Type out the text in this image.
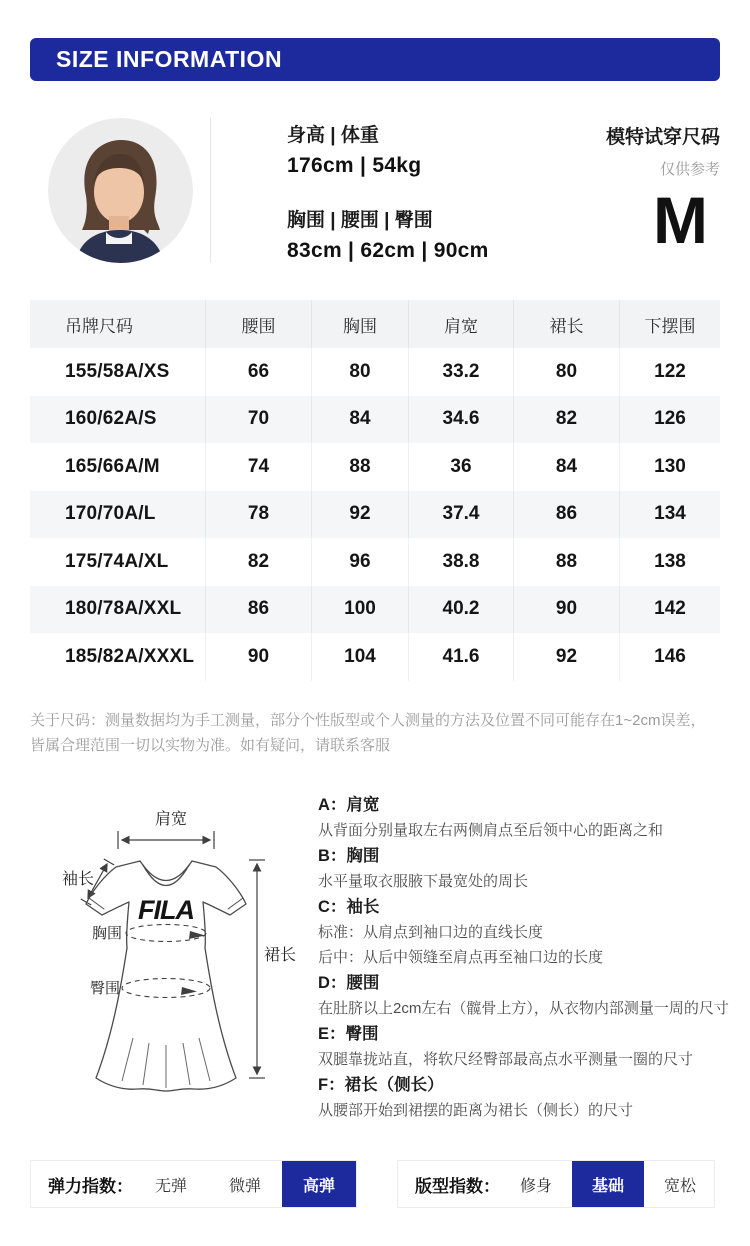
SIZE INFORMATION
身高 | 体重
176cm | 54kg
胸围 | 腰围 | 臀围
83cm | 62cm | 90cm
模特试穿尺码
仅供参考
M
吊牌尺码	腰围	胸围	肩宽	裙长	下摆围
155/58A/XS	66	80	33.2	80	122
160/62A/S	70	84	34.6	82	126
165/66A/M	74	88	36	84	130
170/70A/L	78	92	37.4	86	134
175/74A/XL	82	96	38.8	88	138
180/78A/XXL	86	100	40.2	90	142
185/82A/XXXL	90	104	41.6	92	146
关于尺码：测量数据均为手工测量，部分个性版型或个人测量的方法及位置不同可能存在1~2cm误差，皆属合理范围一切以实物为准。如有疑问，请联系客服
肩宽
袖长
FILA
胸围
臀围
裙长
A：肩宽
从背面分别量取左右两侧肩点至后领中心的距离之和
B：胸围
水平量取衣服腋下最宽处的周长
C：袖长
标准：从肩点到袖口边的直线长度
后中：从后中领缝至肩点再至袖口边的长度
D：腰围
在肚脐以上2cm左右（髋骨上方），从衣物内部测量一周的尺寸
E：臀围
双腿靠拢站直，将软尺经臀部最高点水平测量一圈的尺寸
F：裙长（侧长）
从腰部开始到裙摆的距离为裙长（侧长）的尺寸
弹力指数：	无弹	微弹	高弹	版型指数：	修身	基础	宽松
